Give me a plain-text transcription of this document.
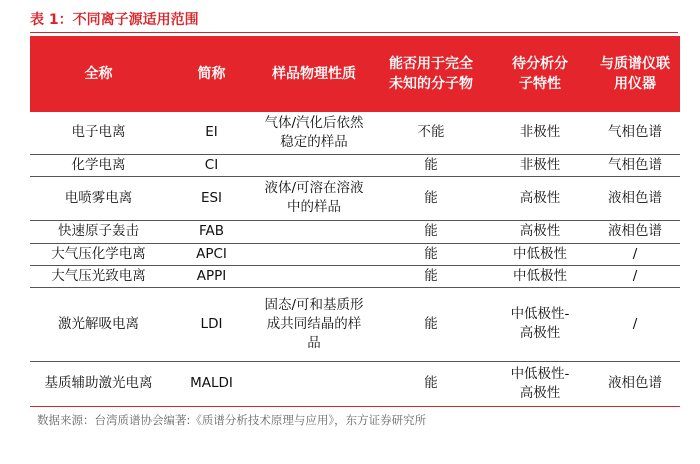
表 1：不同离子源适用范围
全称	简称	样品物理性质	能否用于完全未知的分子物	待分析分子特性	与质谱仪联用仪器
电子电离	EI	气体/汽化后依然稳定的样品	不能	非极性	气相色谱
化学电离	CI		能	非极性	气相色谱
电喷雾电离	ESI	液体/可溶在溶液中的样品	能	高极性	液相色谱
快速原子轰击	FAB		能	高极性	液相色谱
大气压化学电离	APCI		能	中低极性	/
大气压光致电离	APPI		能	中低极性	/
激光解吸电离	LDI	固态/可和基质形成共同结晶的样品	能	中低极性-高极性	/
基质辅助激光电离	MALDI		能	中低极性-高极性	液相色谱
数据来源：台湾质谱协会编著:《质谱分析技术原理与应用》，东方证券研究所
